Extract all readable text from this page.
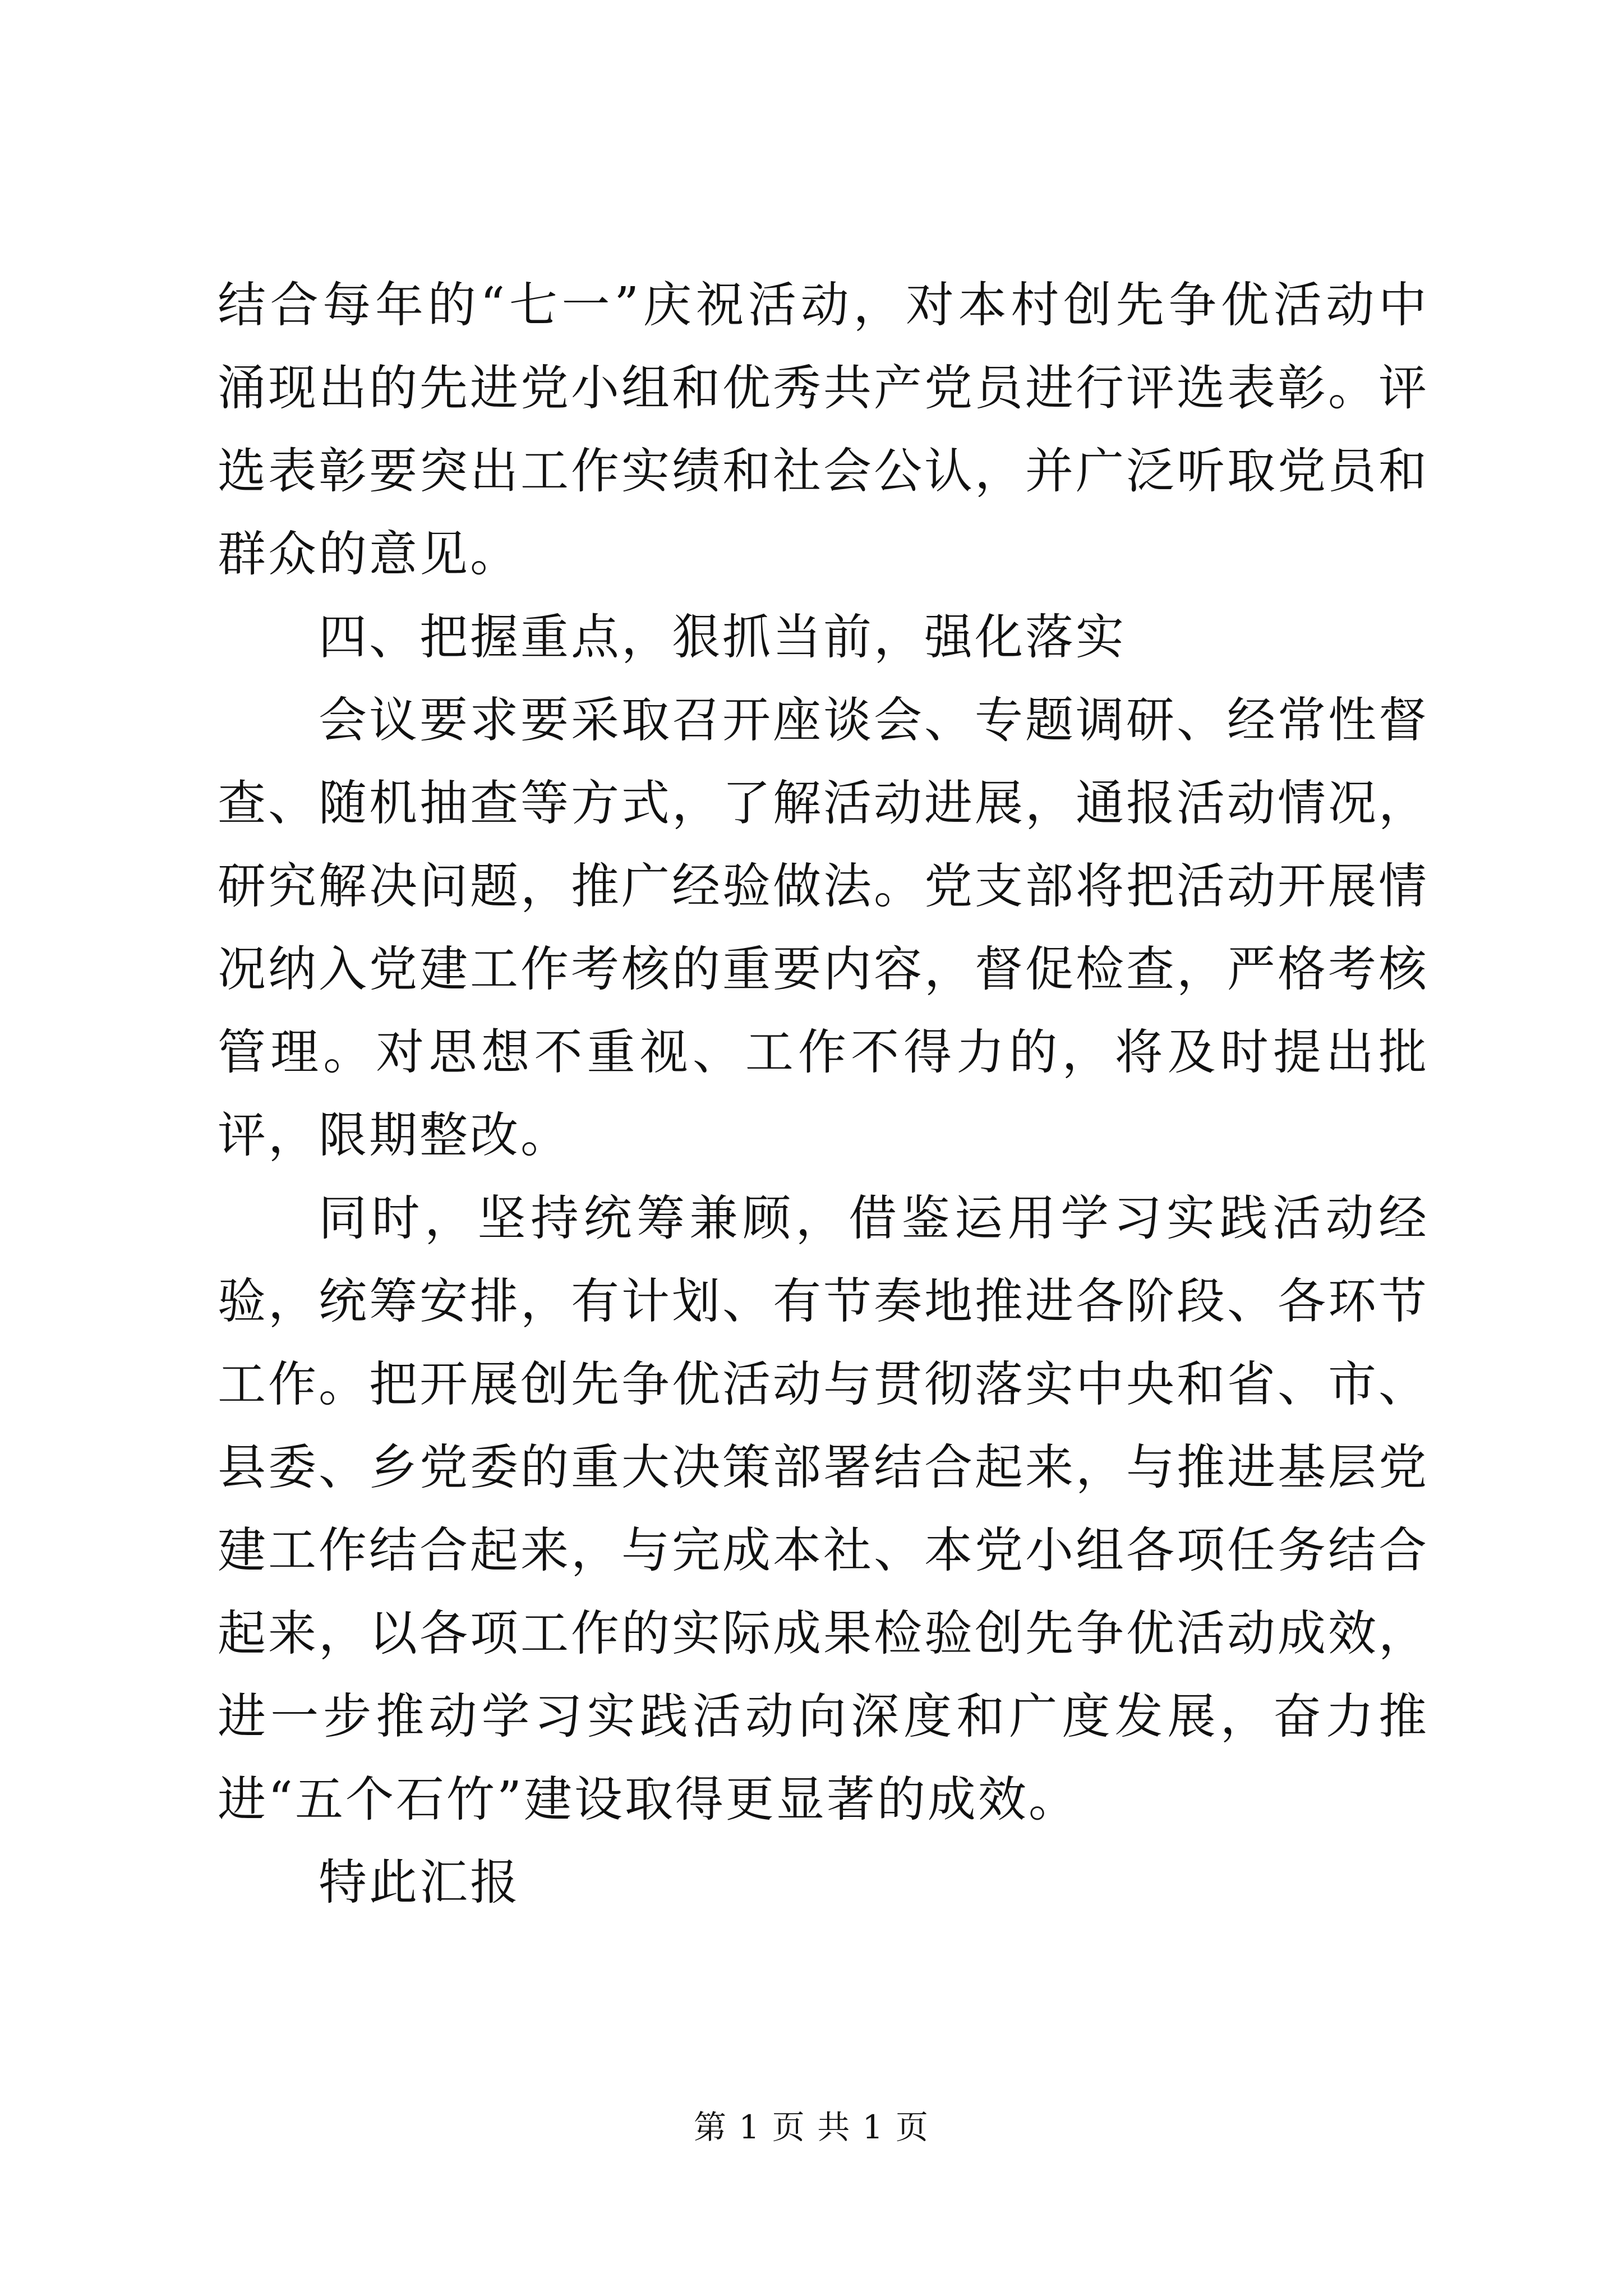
结合每年的“七一”庆祝活动，对本村创先争优活动中涌现出的先进党小组和优秀共产党员进行评选表彰。评选表彰要突出工作实绩和社会公认，并广泛听取党员和群众的意见。

四、把握重点，狠抓当前，强化落实

会议要求要采取召开座谈会、专题调研、经常性督查、随机抽查等方式，了解活动进展，通报活动情况，研究解决问题，推广经验做法。党支部将把活动开展情况纳入党建工作考核的重要内容，督促检查，严格考核管理。对思想不重视、工作不得力的，将及时提出批评，限期整改。

同时，坚持统筹兼顾，借鉴运用学习实践活动经验，统筹安排，有计划、有节奏地推进各阶段、各环节工作。把开展创先争优活动与贯彻落实中央和省、市、县委、乡党委的重大决策部署结合起来，与推进基层党建工作结合起来，与完成本社、本党小组各项任务结合起来，以各项工作的实际成果检验创先争优活动成效，进一步推动学习实践活动向深度和广度发展，奋力推进“五个石竹”建设取得更显著的成效。

特此汇报

第 1 页 共 1 页
